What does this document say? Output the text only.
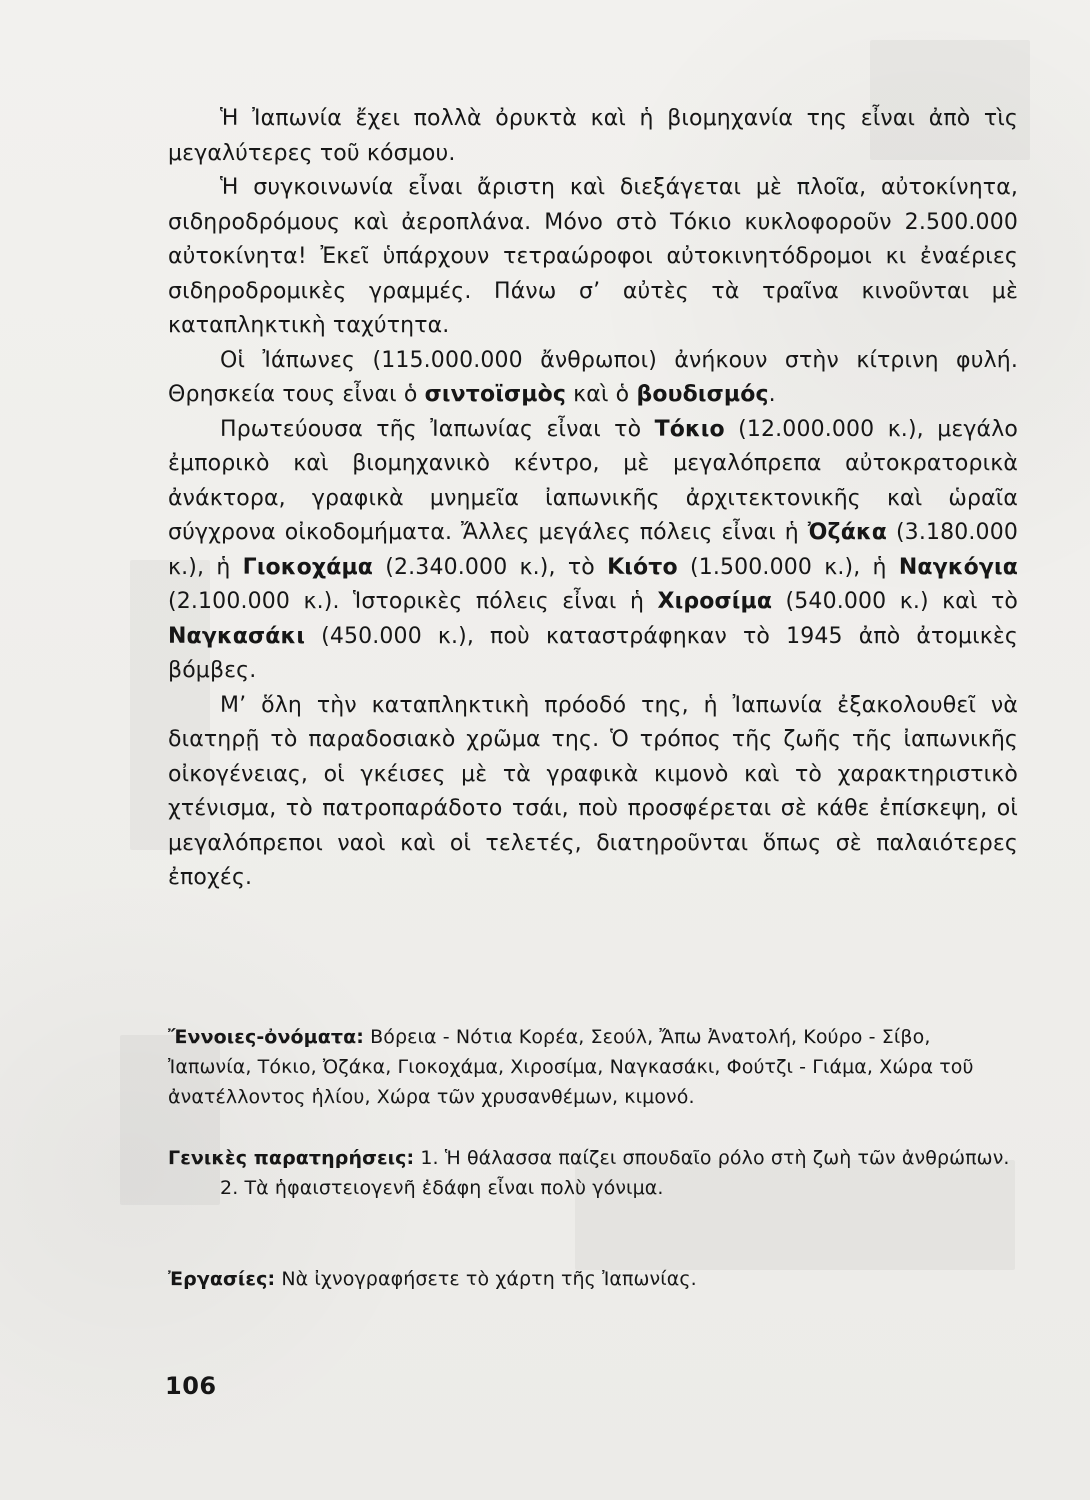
Ἡ Ἰαπωνία ἔχει πολλὰ ὀρυκτὰ καὶ ἡ βιομηχανία της εἶναι ἀπὸ τὶς μεγαλύτερες τοῦ κόσμου.

Ἡ συγκοινωνία εἶναι ἄριστη καὶ διεξάγεται μὲ πλοῖα, αὐτοκίνητα, σιδηροδρόμους καὶ ἀεροπλάνα. Μόνο στὸ Τόκιο κυκλοφοροῦν 2.500.000 αὐτοκίνητα! Ἐκεῖ ὑπάρχουν τετραώροφοι αὐτοκινητόδρομοι κι ἐναέριες σιδηροδρομικὲς γραμμές. Πάνω σ’ αὐτὲς τὰ τραῖνα κινοῦνται μὲ καταπληκτικὴ ταχύτητα.

Οἱ Ἰάπωνες (115.000.000 ἄνθρωποι) ἀνήκουν στὴν κίτρινη φυλή. Θρησκεία τους εἶναι ὁ σιντοϊσμὸς καὶ ὁ βουδισμός.

Πρωτεύουσα τῆς Ἰαπωνίας εἶναι τὸ Τόκιο (12.000.000 κ.), μεγάλο ἐμπορικὸ καὶ βιομηχανικὸ κέντρο, μὲ μεγαλόπρεπα αὐτοκρατορικὰ ἀνάκτορα, γραφικὰ μνημεῖα ἰαπωνικῆς ἀρχιτεκτονικῆς καὶ ὡραῖα σύγχρονα οἰκοδομήματα. Ἄλλες μεγάλες πόλεις εἶναι ἡ Ὀζάκα (3.180.000 κ.), ἡ Γιοκοχάμα (2.340.000 κ.), τὸ Κιότο (1.500.000 κ.), ἡ Ναγκόγια (2.100.000 κ.). Ἱστορικὲς πόλεις εἶναι ἡ Χιροσίμα (540.000 κ.) καὶ τὸ Ναγκασάκι (450.000 κ.), ποὺ καταστράφηκαν τὸ 1945 ἀπὸ ἀτομικὲς βόμβες.

Μ’ ὅλη τὴν καταπληκτικὴ πρόοδό της, ἡ Ἰαπωνία ἐξακολουθεῖ νὰ διατηρῇ τὸ παραδοσιακὸ χρῶμα της. Ὁ τρόπος τῆς ζωῆς τῆς ἰαπωνικῆς οἰκογένειας, οἱ γκέισες μὲ τὰ γραφικὰ κιμονὸ καὶ τὸ χαρακτηριστικὸ χτένισμα, τὸ πατροπαράδοτο τσάι, ποὺ προσφέρεται σὲ κάθε ἐπίσκεψη, οἱ μεγαλόπρεποι ναοὶ καὶ οἱ τελετές, διατηροῦνται ὅπως σὲ παλαιότερες ἐποχές.

Ἔννοιες-ὀνόματα: Βόρεια - Νότια Κορέα, Σεούλ, Ἄπω Ἀνατολή, Κούρο - Σίβο, Ἰαπωνία, Τόκιο, Ὀζάκα, Γιοκοχάμα, Χιροσίμα, Ναγκασάκι, Φούτζι - Γιάμα, Χώρα τοῦ ἀνατέλλοντος ἡλίου, Χώρα τῶν χρυσανθέμων, κιμονό.
Γενικὲς παρατηρήσεις: 1. Ἡ θάλασσα παίζει σπουδαῖο ρόλο στὴ ζωὴ τῶν ἀνθρώπων.
2. Τὰ ἡφαιστειογενῆ ἐδάφη εἶναι πολὺ γόνιμα.
Ἐργασίες: Νὰ ἰχνογραφήσετε τὸ χάρτη τῆς Ἰαπωνίας.
106
